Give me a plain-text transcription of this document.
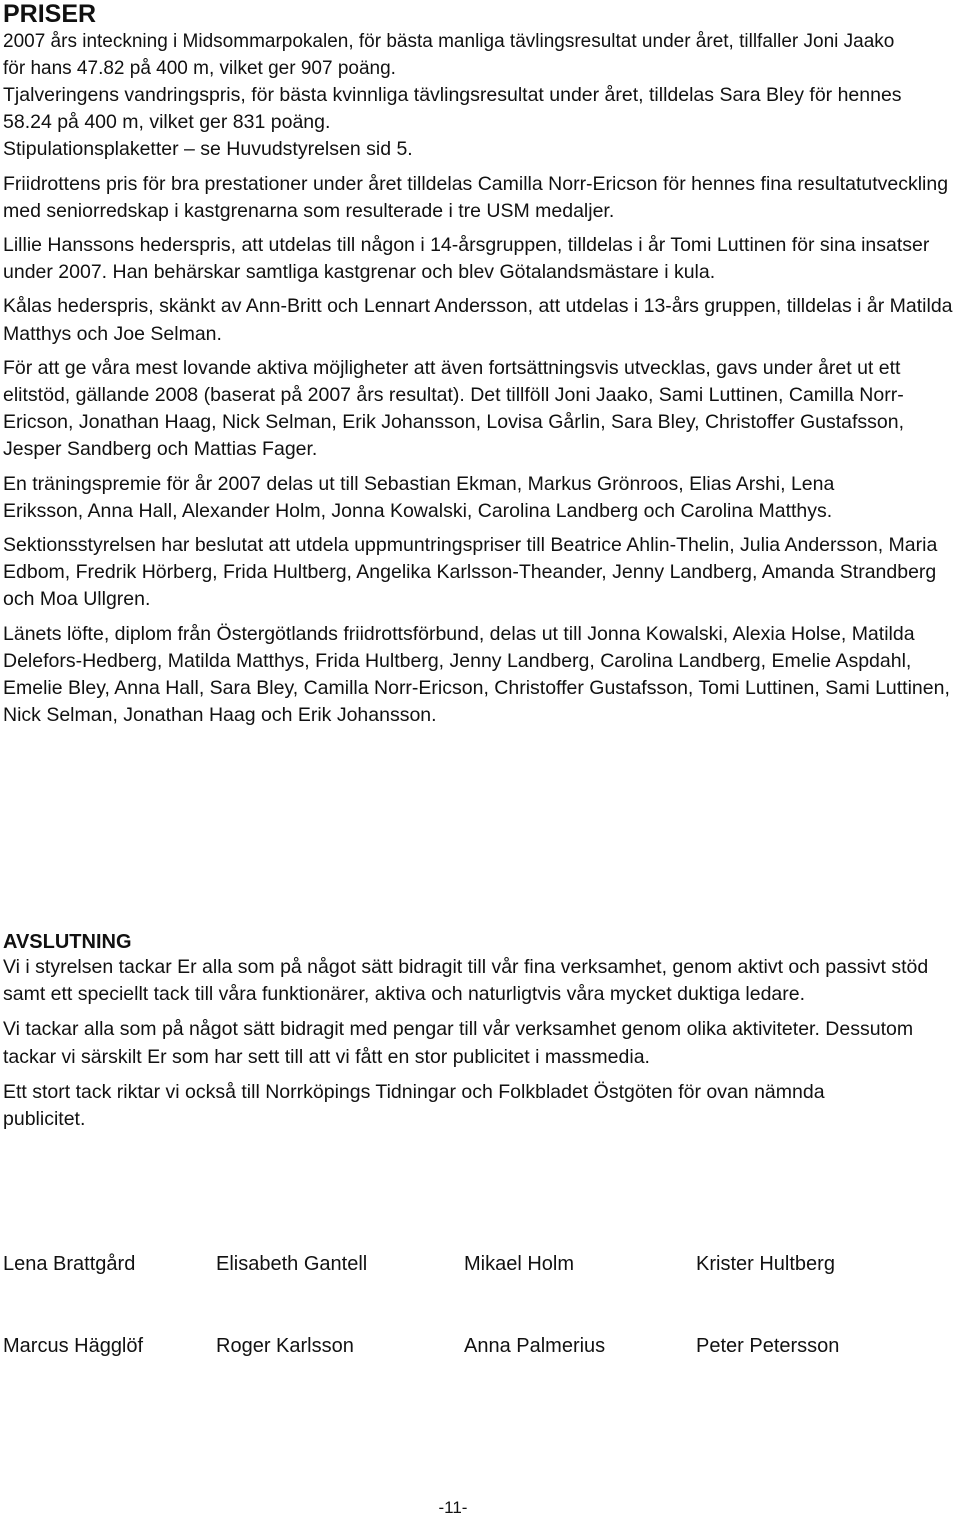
PRISER

2007 års inteckning i Midsommarpokalen, för bästa manliga tävlingsresultat under året, tillfaller Joni Jaako för hans 47.82 på 400 m, vilket ger 907 poäng.

Tjalveringens vandringspris, för bästa kvinnliga tävlingsresultat under året, tilldelas Sara Bley för hennes 58.24 på 400 m, vilket ger 831 poäng.

Stipulationsplaketter – se Huvudstyrelsen sid 5.

Friidrottens pris för bra prestationer under året tilldelas Camilla Norr-Ericson för hennes fina resultatutveckling med seniorredskap i kastgrenarna som resulterade i tre USM medaljer.

Lillie Hanssons hederspris, att utdelas till någon i 14-årsgruppen, tilldelas i år Tomi Luttinen för sina insatser under 2007. Han behärskar samtliga kastgrenar och blev Götalandsmästare i kula.

Kålas hederspris, skänkt av Ann-Britt och Lennart Andersson, att utdelas i 13-års gruppen, tilldelas i år Matilda Matthys och Joe Selman.

För att ge våra mest lovande aktiva möjligheter att även fortsättningsvis utvecklas, gavs under året ut ett elitstöd, gällande 2008 (baserat på 2007 års resultat). Det tillföll Joni Jaako, Sami Luttinen, Camilla Norr-Ericson, Jonathan Haag, Nick Selman, Erik Johansson, Lovisa Gårlin, Sara Bley, Christoffer Gustafsson, Jesper Sandberg och Mattias Fager.

En träningspremie för år 2007 delas ut till Sebastian Ekman, Markus Grönroos, Elias Arshi, Lena Eriksson, Anna Hall, Alexander Holm, Jonna Kowalski, Carolina Landberg och Carolina Matthys.

Sektionsstyrelsen har beslutat att utdela uppmuntringspriser till Beatrice Ahlin-Thelin, Julia Andersson, Maria Edbom, Fredrik Hörberg, Frida Hultberg, Angelika Karlsson-Theander, Jenny Landberg, Amanda Strandberg och Moa Ullgren.

Länets löfte, diplom från Östergötlands friidrottsförbund, delas ut till Jonna Kowalski, Alexia Holse, Matilda Delefors-Hedberg, Matilda Matthys, Frida Hultberg, Jenny Landberg, Carolina Landberg, Emelie Aspdahl, Emelie Bley, Anna Hall, Sara Bley, Camilla Norr-Ericson, Christoffer Gustafsson, Tomi Luttinen, Sami Luttinen, Nick Selman, Jonathan Haag och Erik Johansson.

AVSLUTNING

Vi i styrelsen tackar Er alla som på något sätt bidragit till vår fina verksamhet, genom aktivt och passivt stöd samt ett speciellt tack till våra funktionärer, aktiva och naturligtvis våra mycket duktiga ledare.

Vi tackar alla som på något sätt bidragit med pengar till vår verksamhet genom olika aktiviteter. Dessutom tackar vi särskilt Er som har sett till att vi fått en stor publicitet i massmedia.

Ett stort tack riktar vi också till Norrköpings Tidningar och Folkbladet Östgöten för ovan nämnda publicitet.

Lena Brattgård	Elisabeth Gantell	Mikael Holm	Krister Hultberg
Marcus Hägglöf	Roger Karlsson	Anna Palmerius	Peter Petersson
-11-
